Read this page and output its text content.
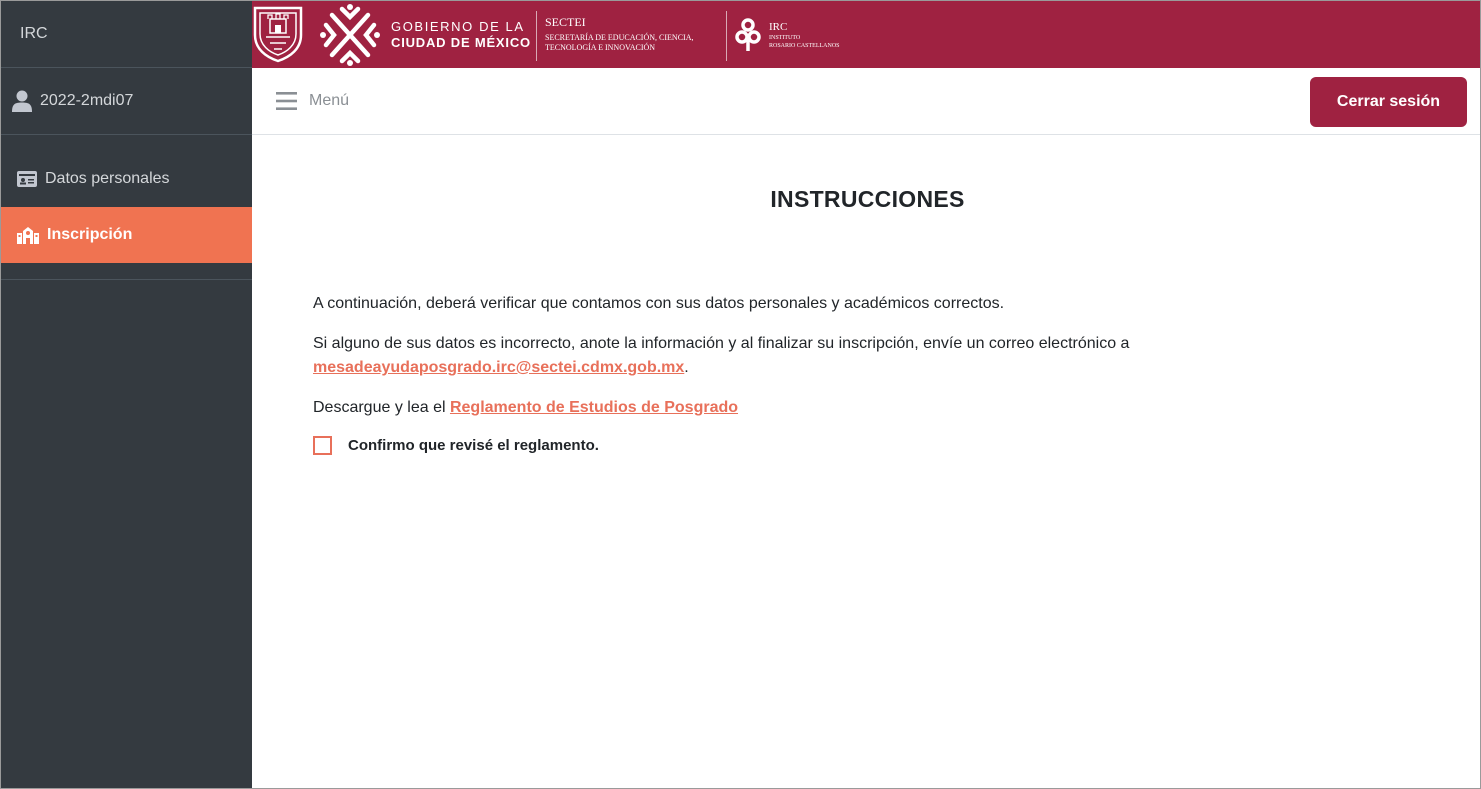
IRC
2022-2mdi07
Datos personales
Inscripción
GOBIERNO DE LA
CIUDAD DE MÉXICO
SECTEI
SECRETARÍA DE EDUCACIÓN, CIENCIA, TECNOLOGÍA E INNOVACIÓN
IRC
INSTITUTO
ROSARIO CASTELLANOS
Menú	Cerrar sesión
INSTRUCCIONES

A continuación, deberá verificar que contamos con sus datos personales y académicos correctos.

Si alguno de sus datos es incorrecto, anote la información y al finalizar su inscripción, envíe un correo electrónico a
mesadeayudaposgrado.irc@sectei.cdmx.gob.mx.

Descargue y lea el Reglamento de Estudios de Posgrado

Confirmo que revisé el reglamento.
